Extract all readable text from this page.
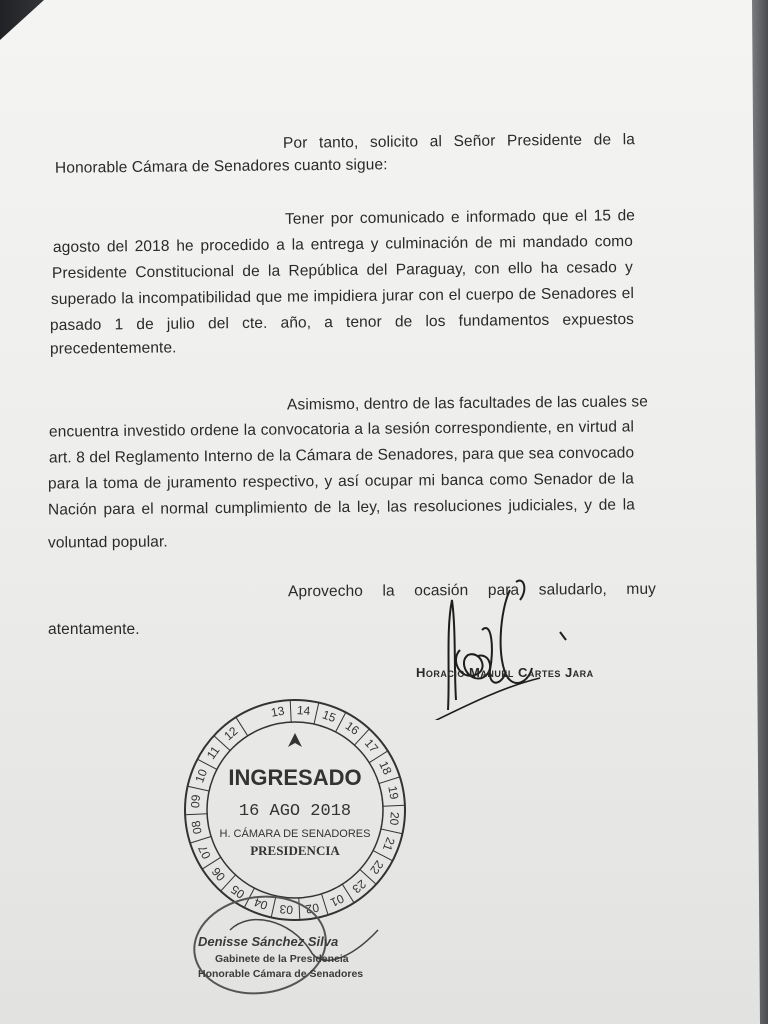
Por tanto, solicito al Señor Presidente de la
Honorable Cámara de Senadores cuanto sigue:
Tener por comunicado e informado que el 15 de
agosto del 2018 he procedido a la entrega y culminación de mi mandado como
Presidente Constitucional de la República del Paraguay, con ello ha cesado y
superado la incompatibilidad que me impidiera jurar con el cuerpo de Senadores el
pasado 1 de julio del cte. año, a tenor de los fundamentos expuestos
precedentemente.
Asimismo, dentro de las facultades de las cuales se
encuentra investido ordene la convocatoria a la sesión correspondiente, en virtud al
art. 8 del Reglamento Interno de la Cámara de Senadores, para que sea convocado
para la toma de juramento respectivo, y así ocupar mi banca como Senador de la
Nación para el normal cumplimiento de la ley, las resoluciones judiciales, y de la
voluntad popular.
Aprovecho la ocasión para saludarlo, muy
atentamente.
Horacio Manuel Cartes Jara
13 14 15
16
17
18
19
20
21
22
23
01
02
03
04
05
06
07
08
09
10
11
12
INGRESADO
16 AGO 2018
H. CÁMARA DE SENADORES
PRESIDENCIA
Denisse Sánchez Silva
Gabinete de la Presidencia
Honorable Cámara de Senadores
